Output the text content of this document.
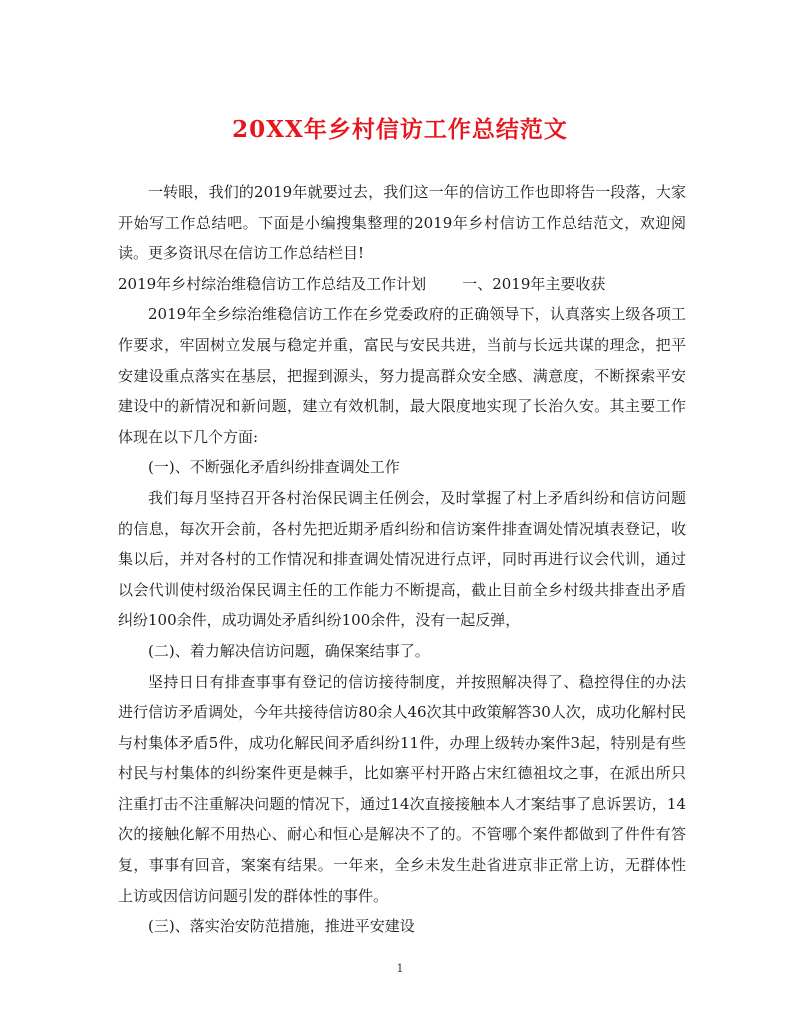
20XX年乡村信访工作总结范文

一转眼，我们的2019年就要过去，我们这一年的信访工作也即将告一段落，大家开始写工作总结吧。下面是小编搜集整理的2019年乡村信访工作总结范文，欢迎阅读。更多资讯尽在信访工作总结栏目!

2019年乡村综治维稳信访工作总结及工作计划 一、2019年主要收获

2019年全乡综治维稳信访工作在乡党委政府的正确领导下，认真落实上级各项工作要求，牢固树立发展与稳定并重，富民与安民共进，当前与长远共谋的理念，把平安建设重点落实在基层，把握到源头，努力提高群众安全感、满意度，不断探索平安建设中的新情况和新问题，建立有效机制，最大限度地实现了长治久安。其主要工作体现在以下几个方面:

(一)、不断强化矛盾纠纷排查调处工作

我们每月坚持召开各村治保民调主任例会，及时掌握了村上矛盾纠纷和信访问题的信息，每次开会前，各村先把近期矛盾纠纷和信访案件排查调处情况填表登记，收集以后，并对各村的工作情况和排查调处情况进行点评，同时再进行议会代训，通过以会代训使村级治保民调主任的工作能力不断提高，截止目前全乡村级共排查出矛盾纠纷100余件，成功调处矛盾纠纷100余件，没有一起反弹，

(二)、着力解决信访问题，确保案结事了。

坚持日日有排查事事有登记的信访接待制度，并按照解决得了、稳控得住的办法进行信访矛盾调处，今年共接待信访80余人46次其中政策解答30人次，成功化解村民与村集体矛盾5件，成功化解民间矛盾纠纷11件，办理上级转办案件3起，特别是有些村民与村集体的纠纷案件更是棘手，比如寨平村开路占宋红德祖坟之事，在派出所只注重打击不注重解决问题的情况下，通过14次直接接触本人才案结事了息诉罢访，14次的接触化解不用热心、耐心和恒心是解决不了的。不管哪个案件都做到了件件有答复，事事有回音，案案有结果。一年来，全乡未发生赴省进京非正常上访，无群体性上访或因信访问题引发的群体性的事件。

(三)、落实治安防范措施，推进平安建设

1
